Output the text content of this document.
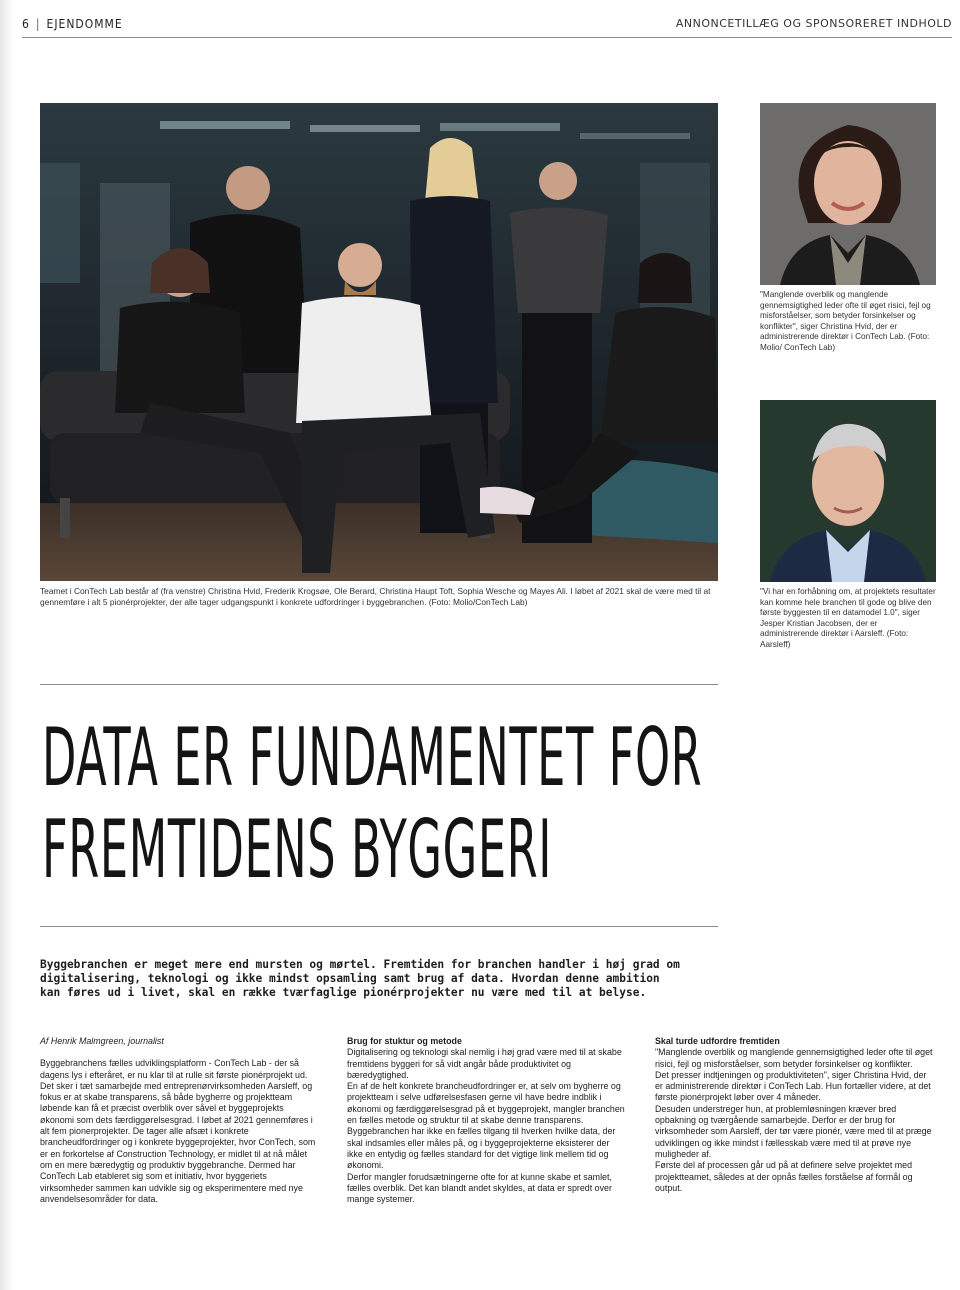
6 | EJENDOMME	ANNONCETILLÆG OG SPONSORERET INDHOLD
Teamet i ConTech Lab består af (fra venstre) Christina Hvid, Frederik Krogsøe, Ole Berard, Christina Haupt Toft, Sophia Wesche og Mayes Ali. I løbet af 2021 skal de være med til at gennemføre i alt 5 pionérprojekter, der alle tager udgangspunkt i konkrete udfordringer i byggebranchen. (Foto: Molio/ConTech Lab)
"Manglende overblik og manglende gennemsigtighed leder ofte til øget risici, fejl og misforståelser, som betyder forsinkelser og konflikter", siger Christina Hvid, der er administrerende direktør i ConTech Lab. (Foto: Molio/ ConTech Lab)
"Vi har en forhåbning om, at projektets resultater kan komme hele branchen til gode og blive den første byggesten til en datamodel 1.0", siger Jesper Kristian Jacobsen, der er administrerende direktør i Aarsleff. (Foto: Aarsleff)
DATA ER FUNDAMENTET FOR
FREMTIDENS BYGGERI

Byggebranchen er meget mere end mursten og mørtel. Fremtiden for branchen handler i høj grad om digitalisering, teknologi og ikke mindst opsamling samt brug af data. Hvordan denne ambition kan føres ud i livet, skal en række tværfaglige pionérprojekter nu være med til at belyse.

Af Henrik Malmgreen, journalist
Byggebranchens fælles udviklingsplatform - ConTech Lab - der så dagens lys i efteråret, er nu klar til at rulle sit første pionérprojekt ud. Det sker i tæt samarbejde med entreprenørvirksomheden Aarsleff, og fokus er at skabe transparens, så både bygherre og projektteam løbende kan få et præcist overblik over såvel et byggeprojekts økonomi som dets færdiggørelsesgrad. I løbet af 2021 gennemføres i alt fem pionerprojekter. De tager alle afsæt i konkrete brancheudfordringer og i konkrete byggeprojekter, hvor ConTech, som er en forkortelse af Construction Technology, er midlet til at nå målet om en mere bæredygtig og produktiv byggebranche. Dermed har ConTech Lab etableret sig som et initiativ, hvor byggeriets virksomheder sammen kan udvikle sig og eksperimentere med nye anvendelsesområder for data.
Brug for stuktur og metode
Digitalisering og teknologi skal nemlig i høj grad være med til at skabe fremtidens byggeri for så vidt angår både produktivitet og bæredygtighed.
En af de helt konkrete brancheudfordringer er, at selv om bygherre og projektteam i selve udførelsesfasen gerne vil have bedre indblik i økonomi og færdiggørelsesgrad på et byggeprojekt, mangler branchen en fælles metode og struktur til at skabe denne transparens.
Byggebranchen har ikke en fælles tilgang til hverken hvilke data, der skal indsamles eller måles på, og i byggeprojekterne eksisterer der ikke en entydig og fælles standard for det vigtige link mellem tid og økonomi.
Derfor mangler forudsætningerne ofte for at kunne skabe et samlet, fælles overblik. Det kan blandt andet skyldes, at data er spredt over mange systemer.
Skal turde udfordre fremtiden
"Manglende overblik og manglende gennemsigtighed leder ofte til øget risici, fejl og misforståelser, som betyder forsinkelser og konflikter.
Det presser indtjeningen og produktiviteten", siger Christina Hvid, der er administrerende direktør i ConTech Lab. Hun fortæller videre, at det første pionérprojekt løber over 4 måneder.
Desuden understreger hun, at problemløsningen kræver bred opbakning og tværgående samarbejde. Derfor er der brug for virksomheder som Aarsleff, der tør være pionér, være med til at præge udviklingen og ikke mindst i fællesskab være med til at prøve nye muligheder af.
Første del af processen går ud på at definere selve projektet med projektteamet, således at der opnås fælles forståelse af formål og output.
